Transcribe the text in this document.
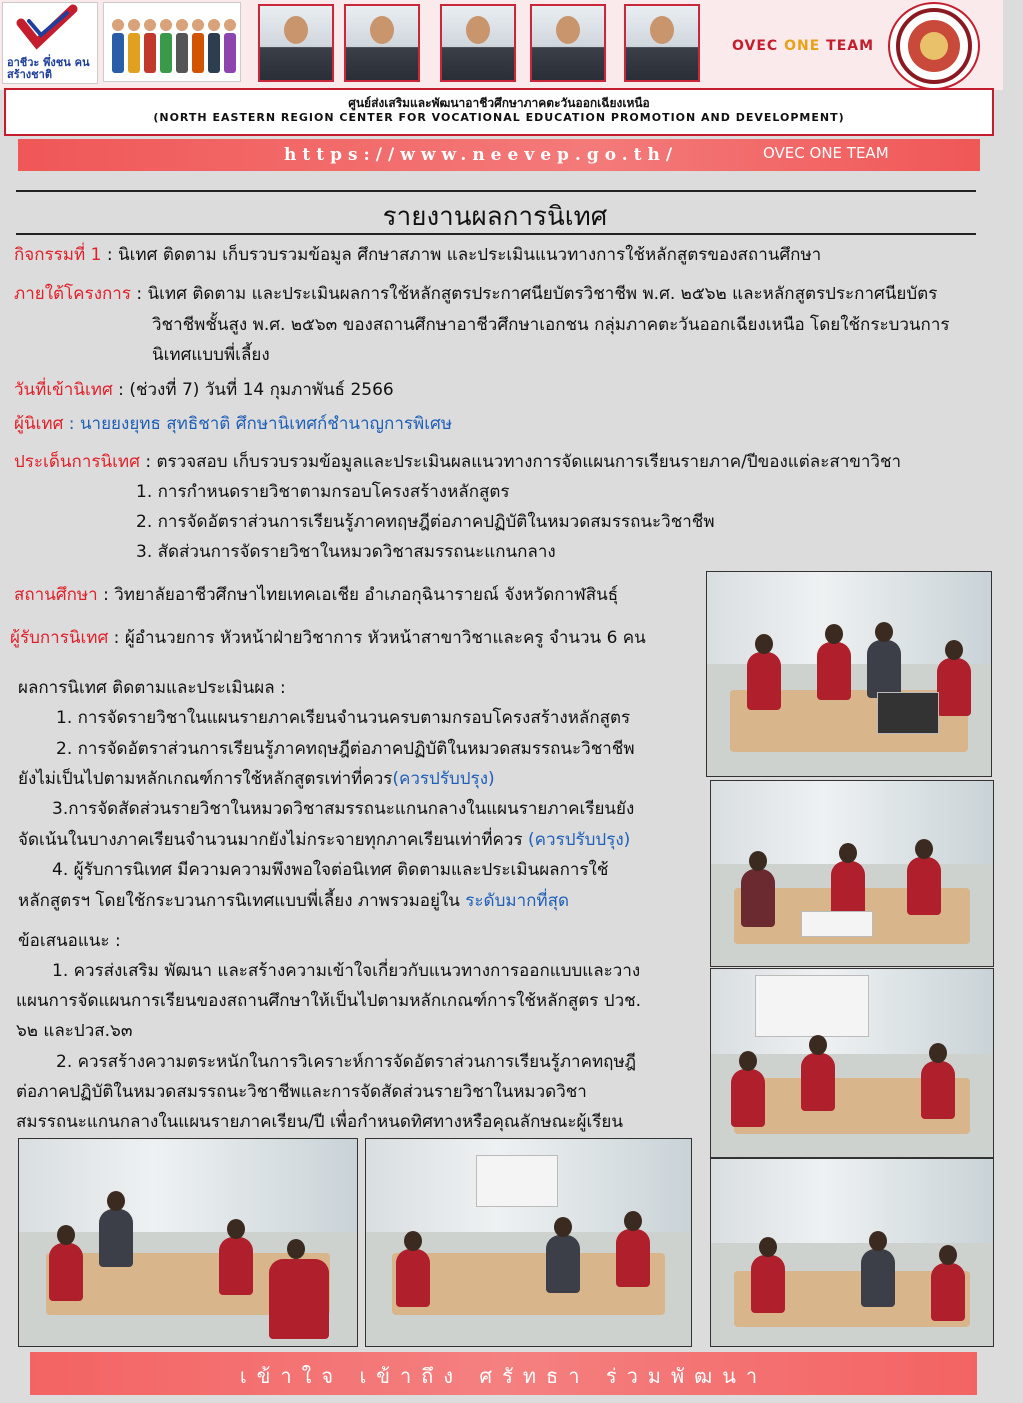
อาชีวะ พึ่งชน คนสร้างชาติ
OVEC ONE TEAM
ศูนย์ส่งเสริมและพัฒนาอาชีวศึกษาภาคตะวันออกเฉียงเหนือ
(NORTH EASTERN REGION CENTER FOR VOCATIONAL EDUCATION PROMOTION AND DEVELOPMENT)
https://www.neevep.go.th/	OVEC ONE TEAM
รายงานผลการนิเทศ
กิจกรรมที่ 1 : นิเทศ ติดตาม เก็บรวบรวมข้อมูล ศึกษาสภาพ และประเมินแนวทางการใช้หลักสูตรของสถานศึกษา
ภายใต้โครงการ : นิเทศ ติดตาม และประเมินผลการใช้หลักสูตรประกาศนียบัตรวิชาชีพ พ.ศ. ๒๕๖๒ และหลักสูตรประกาศนียบัตร
วิชาชีพชั้นสูง พ.ศ. ๒๕๖๓ ของสถานศึกษาอาชีวศึกษาเอกชน กลุ่มภาคตะวันออกเฉียงเหนือ โดยใช้กระบวนการ
นิเทศแบบพี่เลี้ยง
วันที่เข้านิเทศ : (ช่วงที่ 7) วันที่ 14 กุมภาพันธ์ 2566
ผู้นิเทศ : นายยงยุทธ สุทธิชาติ ศึกษานิเทศก์ชำนาญการพิเศษ
ประเด็นการนิเทศ : ตรวจสอบ เก็บรวบรวมข้อมูลและประเมินผลแนวทางการจัดแผนการเรียนรายภาค/ปีของแต่ละสาขาวิชา
1. การกำหนดรายวิชาตามกรอบโครงสร้างหลักสูตร
2. การจัดอัตราส่วนการเรียนรู้ภาคทฤษฎีต่อภาคปฏิบัติในหมวดสมรรถนะวิชาชีพ
3. สัดส่วนการจัดรายวิชาในหมวดวิชาสมรรถนะแกนกลาง
สถานศึกษา : วิทยาลัยอาชีวศึกษาไทยเทคเอเชีย อำเภอกุฉินารายณ์ จังหวัดกาฬสินธุ์
ผู้รับการนิเทศ : ผู้อำนวยการ หัวหน้าฝ่ายวิชาการ หัวหน้าสาขาวิชาและครู จำนวน 6 คน
ผลการนิเทศ ติดตามและประเมินผล :
1. การจัดรายวิชาในแผนรายภาคเรียนจำนวนครบตามกรอบโครงสร้างหลักสูตร
2. การจัดอัตราส่วนการเรียนรู้ภาคทฤษฎีต่อภาคปฏิบัติในหมวดสมรรถนะวิชาชีพ
ยังไม่เป็นไปตามหลักเกณฑ์การใช้หลักสูตรเท่าที่ควร(ควรปรับปรุง)
3.การจัดสัดส่วนรายวิชาในหมวดวิชาสมรรถนะแกนกลางในแผนรายภาคเรียนยัง
จัดเน้นในบางภาคเรียนจำนวนมากยังไม่กระจายทุกภาคเรียนเท่าที่ควร (ควรปรับปรุง)
4. ผู้รับการนิเทศ มีความความพึงพอใจต่อนิเทศ ติดตามและประเมินผลการใช้
หลักสูตรฯ โดยใช้กระบวนการนิเทศแบบพี่เลี้ยง ภาพรวมอยู่ใน ระดับมากที่สุด
ข้อเสนอแนะ :
1. ควรส่งเสริม พัฒนา และสร้างความเข้าใจเกี่ยวกับแนวทางการออกแบบและวาง
แผนการจัดแผนการเรียนของสถานศึกษาให้เป็นไปตามหลักเกณฑ์การใช้หลักสูตร ปวช.
๖๒ และปวส.๖๓
2. ควรสร้างความตระหนักในการวิเคราะห์การจัดอัตราส่วนการเรียนรู้ภาคทฤษฎี
ต่อภาคปฏิบัติในหมวดสมรรถนะวิชาชีพและการจัดสัดส่วนรายวิชาในหมวดวิชา
สมรรถนะแกนกลางในแผนรายภาคเรียน/ปี เพื่อกำหนดทิศทางหรือคุณลักษณะผู้เรียน
เข้าใจ เข้าถึง ศรัทธา ร่วมพัฒนา
